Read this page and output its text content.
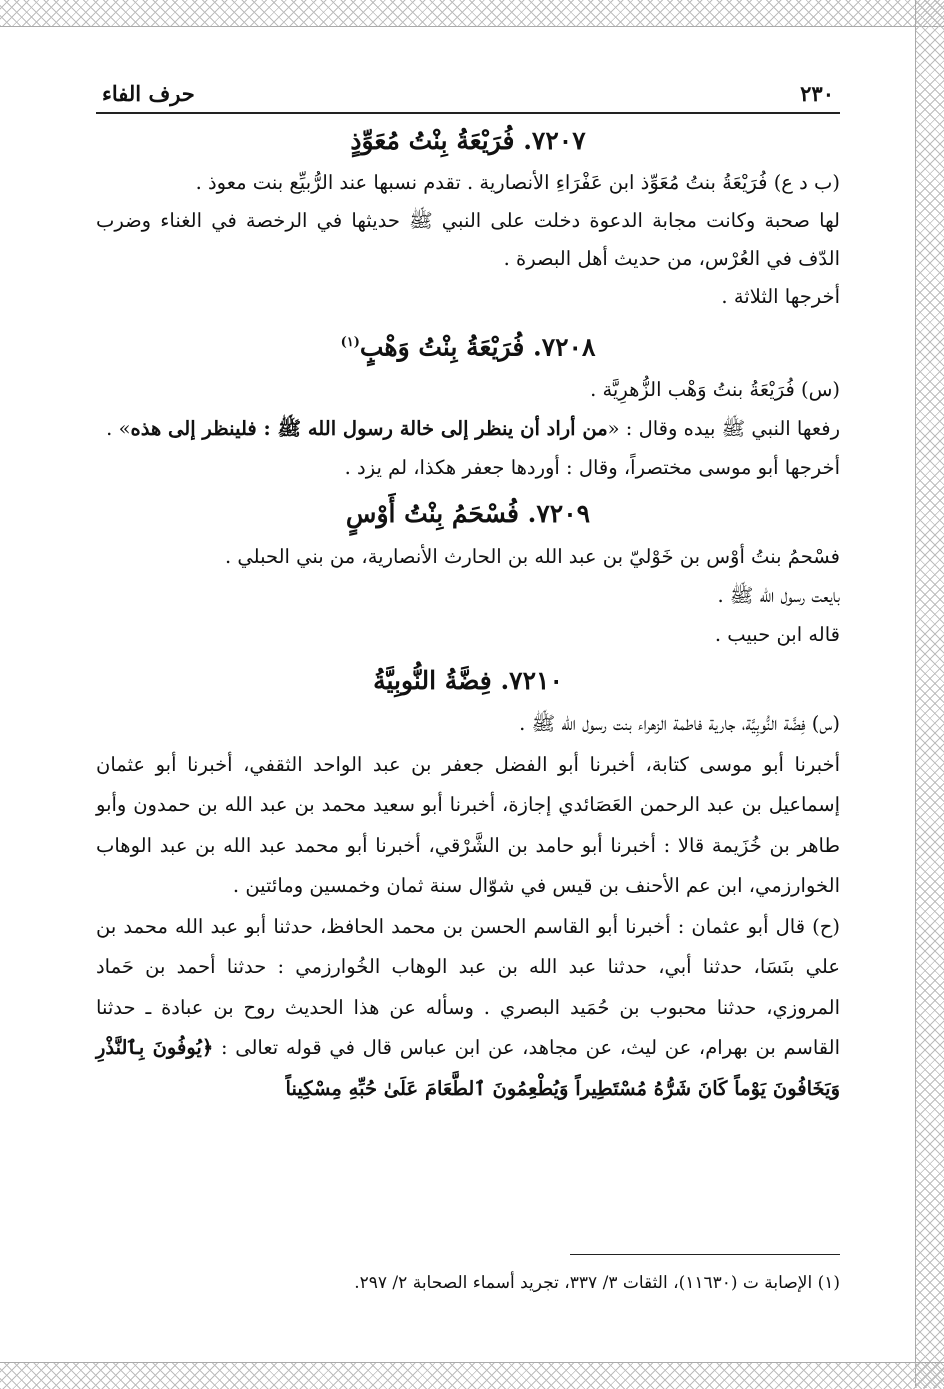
٢٣٠
حرف الفاء
٧٢٠٧. فُرَيْعَةُ بِنْتُ مُعَوِّذٍ

(ب د ع) فُرَيْعَةُ بنتُ مُعَوِّذ ابن عَفْرَاءِ الأنصارية . تقدم نسبها عند الرُّبيِّع بنت معوذ .

لها صحبة وكانت مجابة الدعوة دخلت على النبي ﷺ حديثها في الرخصة في الغناء وضرب الدّف في العُرْس، من حديث أهل البصرة .

أخرجها الثلاثة .

٧٢٠٨. فُرَيْعَةُ بِنْتُ وَهْبٍ$^{(١)}$

(س) فُرَيْعَةُ بنتُ وَهْب الزُّهرِيَّة .

رفعها النبي ﷺ بيده وقال : «من أراد أن ينظر إلى خالة رسول الله ﷺ : فلينظر إلى هذه» .

أخرجها أبو موسى مختصراً، وقال : أوردها جعفر هكذا، لم يزد .

٧٢٠٩. فُسْحَمُ بِنْتُ أَوْسٍ

فسْحمُ بنتُ أوْس بن خَوْليّ بن عبد الله بن الحارث الأنصارية، من بني الحبلي .

بايعت رسول الله ﷺ .

قاله ابن حبيب .

٧٢١٠. فِضَّةُ النُّوبِيَّةُ

(س) فِضَّة النُّوبِيَّة، جارية فاطمة الزهراء بنت رسول الله ﷺ .

أخبرنا أبو موسى كتابة، أخبرنا أبو الفضل جعفر بن عبد الواحد الثقفي، أخبرنا أبو عثمان إسماعيل بن عبد الرحمن العَصَائدي إجازة، أخبرنا أبو سعيد محمد بن عبد الله بن حمدون وأبو طاهر بن خُزَيمة قالا : أخبرنا أبو حامد بن الشَّرْقي، أخبرنا أبو محمد عبد الله بن عبد الوهاب الخوارزمي، ابن عم الأحنف بن قيس في شوّال سنة ثمان وخمسين ومائتين .

(ح) قال أبو عثمان : أخبرنا أبو القاسم الحسن بن محمد الحافظ، حدثنا أبو عبد الله محمد بن علي بنَسَا، حدثنا أبي، حدثنا عبد الله بن عبد الوهاب الخُوارزمي : حدثنا أحمد بن حَماد المروزي، حدثنا محبوب بن حُمَيد البصري . وسأله عن هذا الحديث روح بن عبادة ـ حدثنا القاسم بن بهرام، عن ليث، عن مجاهد، عن ابن عباس قال في قوله تعالى : ﴿يُوفُونَ بِٱلنَّذْرِ وَيَخَافُونَ يَوْماً كَانَ شَرُّهُ مُسْتَطِيراً وَيُطْعِمُونَ ٱلطَّعَامَ عَلَىٰ حُبِّهِ مِسْكِيناً

(١) الإصابة ت (١١٦٣٠)، الثقات ٣/ ٣٣٧، تجريد أسماء الصحابة ٢/ ٢٩٧.
